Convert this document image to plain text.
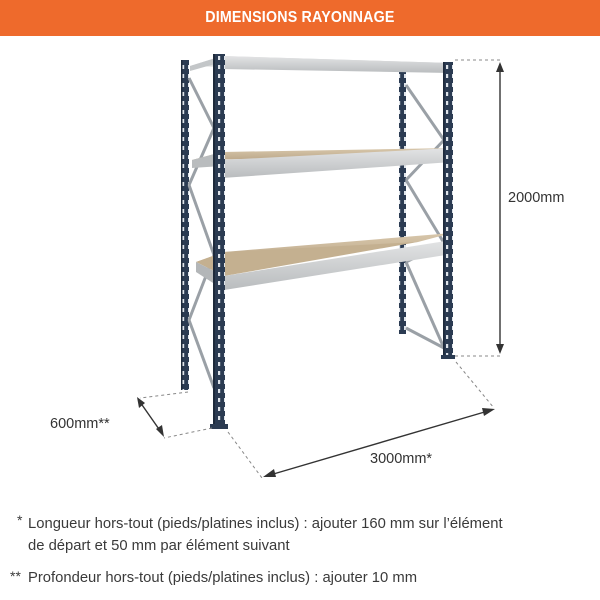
DIMENSIONS RAYONNAGE
2000mm
3000mm*
600mm**
* Longueur hors-tout (pieds/platines inclus) : ajouter 160 mm sur l’élément
de départ et 50 mm par élément suivant
** Profondeur hors-tout (pieds/platines inclus) : ajouter 10 mm
